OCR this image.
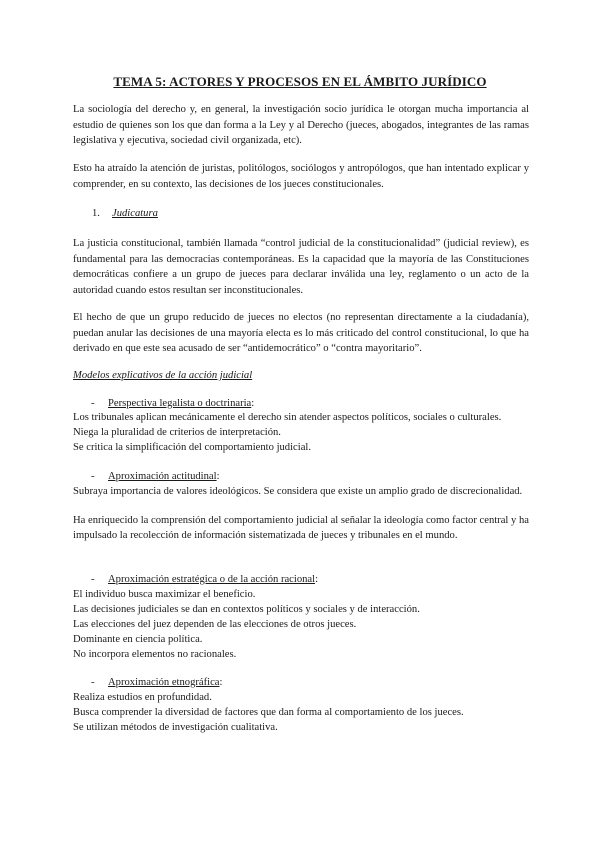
TEMA 5: ACTORES Y PROCESOS EN EL ÁMBITO JURÍDICO
La sociología del derecho y, en general, la investigación socio jurídica le otorgan mucha importancia al estudio de quienes son los que dan forma a la Ley y al Derecho (jueces, abogados, integrantes de las ramas legislativa y ejecutiva, sociedad civil organizada, etc).
Esto ha atraído la atención de juristas, politólogos, sociólogos y antropólogos, que han intentado explicar y comprender, en su contexto, las decisiones de los jueces constitucionales.
1. Judicatura
La justicia constitucional, también llamada “control judicial de la constitucionalidad” (judicial review), es fundamental para las democracias contemporáneas. Es la capacidad que la mayoría de las Constituciones democráticas confiere a un grupo de jueces para declarar inválida una ley, reglamento o un acto de la autoridad cuando estos resultan ser inconstitucionales.
El hecho de que un grupo reducido de jueces no electos (no representan directamente a la ciudadanía), puedan anular las decisiones de una mayoría electa es lo más criticado del control constitucional, lo que ha derivado en que este sea acusado de ser “antidemocrático” o “contra mayoritario”.
Modelos explicativos de la acción judicial
- Perspectiva legalista o doctrinaria:
Los tribunales aplican mecánicamente el derecho sin atender aspectos políticos, sociales o culturales.
Niega la pluralidad de criterios de interpretación.
Se critica la simplificación del comportamiento judicial.
- Aproximación actitudinal:
Subraya importancia de valores ideológicos. Se considera que existe un amplio grado de discrecionalidad.
Ha enriquecido la comprensión del comportamiento judicial al señalar la ideología como factor central y ha impulsado la recolección de información sistematizada de jueces y tribunales en el mundo.
- Aproximación estratégica o de la acción racional:
El individuo busca maximizar el beneficio.
Las decisiones judiciales se dan en contextos políticos y sociales y de interacción.
Las elecciones del juez dependen de las elecciones de otros jueces.
Dominante en ciencia política.
No incorpora elementos no racionales.
- Aproximación etnográfica:
Realiza estudios en profundidad.
Busca comprender la diversidad de factores que dan forma al comportamiento de los jueces.
Se utilizan métodos de investigación cualitativa.
